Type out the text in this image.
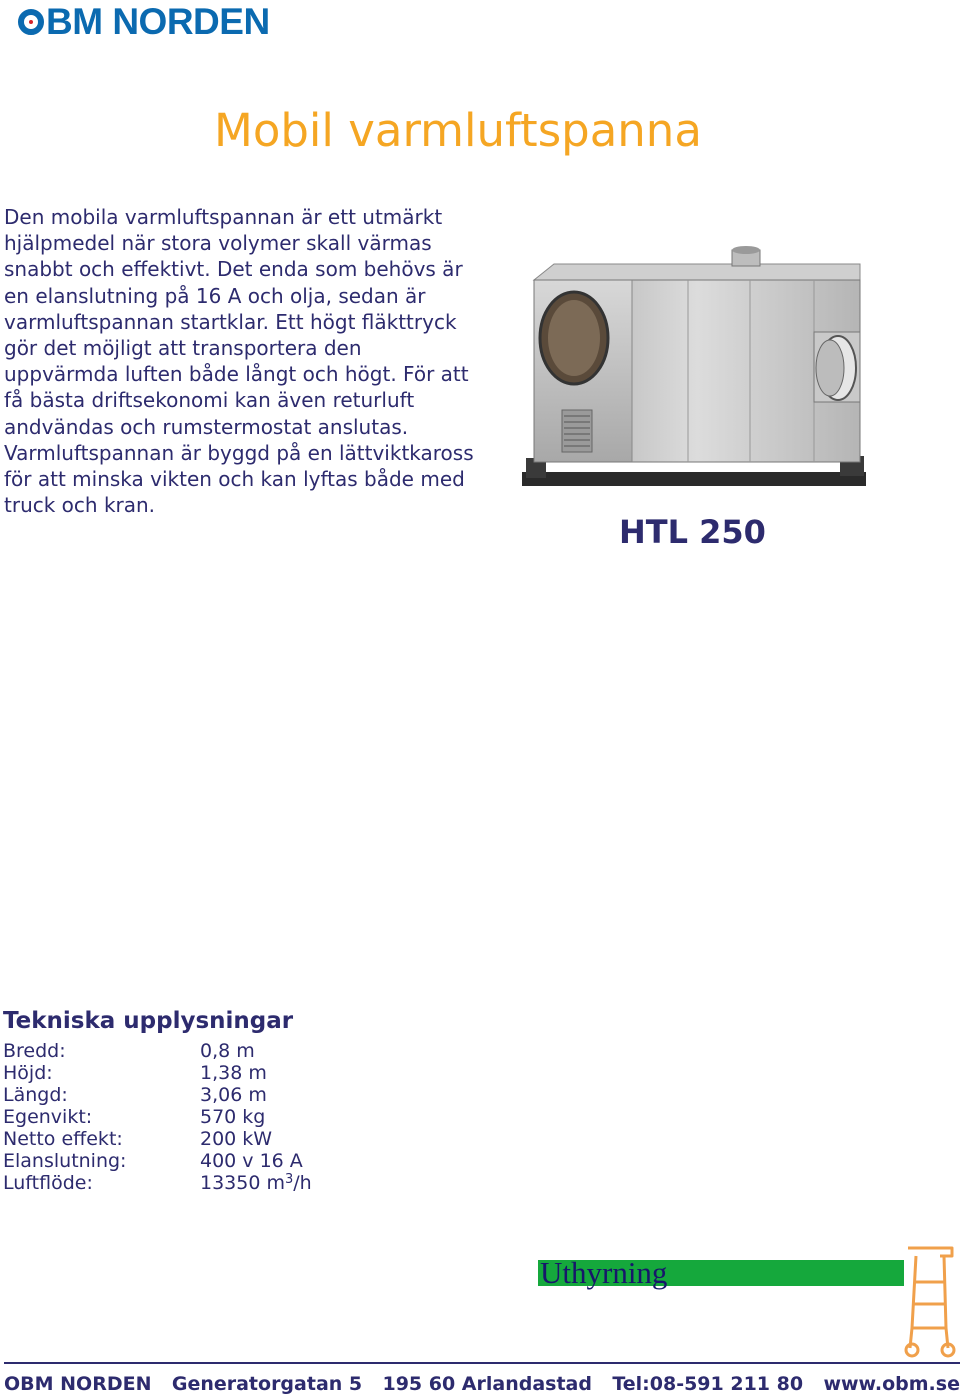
BM NORDEN
Mobil varmluftspanna

Den mobila varmluftspannan är ett utmärkt hjälpmedel när stora volymer skall värmas snabbt och effektivt. Det enda som behövs är en elanslutning på 16 A och olja, sedan är varmluftspannan startklar. Ett högt fläkttryck gör det möjligt att transportera den uppvärmda luften både långt och högt. För att få bästa driftsekonomi kan även returluft andvändas och rumstermostat anslutas. Varmluftspannan är byggd på en lättviktkaross för att minska vikten och kan lyftas både med truck och kran.

HTL 250
Tekniska upplysningar
Bredd:	0,8 m
Höjd:	1,38 m
Längd:	3,06 m
Egenvikt:	570 kg
Netto effekt:	200 kW
Elanslutning:	400 v 16 A
Luftflöde:	13350 $m^3/h$
Uthyrning
OBM NORDEN Generatorgatan 5 195 60 Arlandastad Tel:08-591 211 80 www.obm.se
